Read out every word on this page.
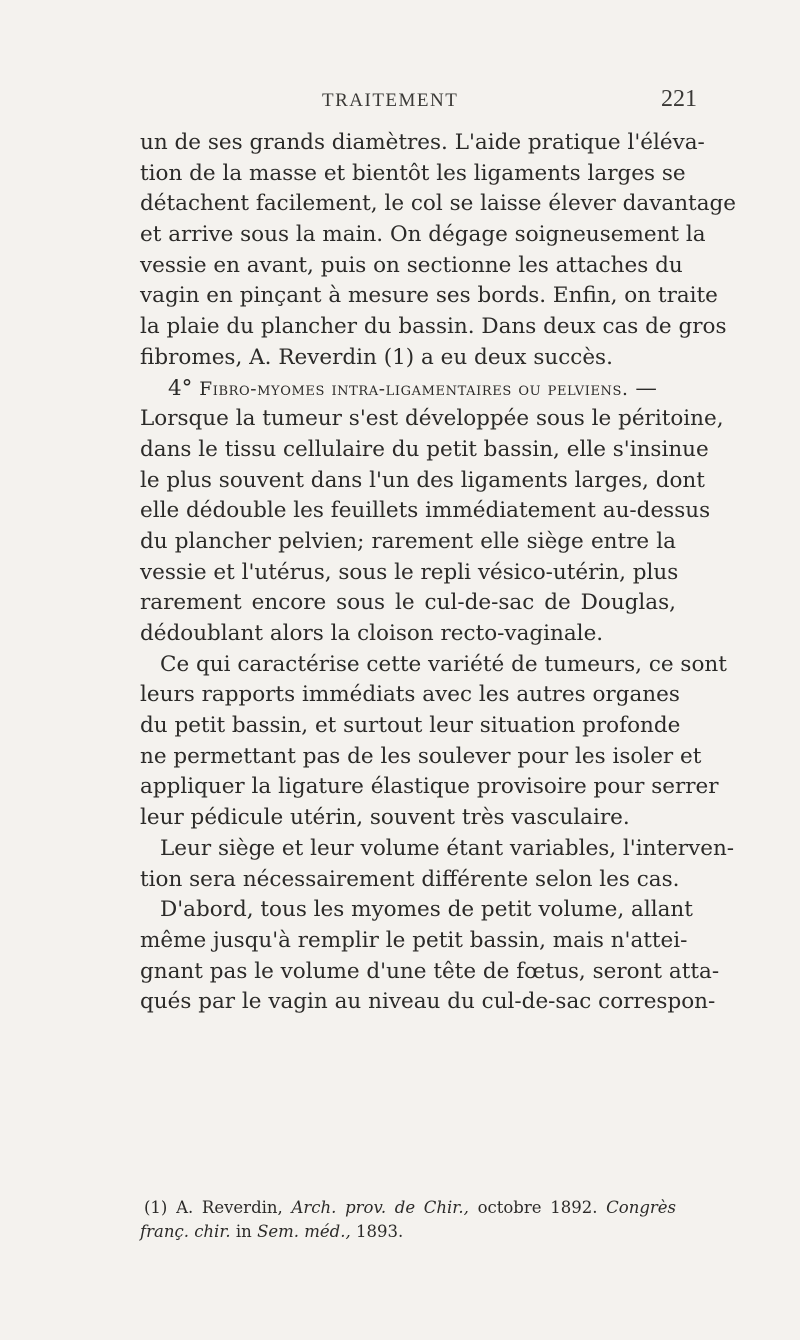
TRAITEMENT	221
un de ses grands diamètres. L'aide pratique l'éléva-
tion de la masse et bientôt les ligaments larges se
détachent facilement, le col se laisse élever davantage
et arrive sous la main. On dégage soigneusement la
vessie en avant, puis on sectionne les attaches du
vagin en pinçant à mesure ses bords. Enfin, on traite
la plaie du plancher du bassin. Dans deux cas de gros
fibromes, A. Reverdin (1) a eu deux succès.
4° Fibro-myomes intra-ligamentaires ou pelviens. —
Lorsque la tumeur s'est développée sous le péritoine,
dans le tissu cellulaire du petit bassin, elle s'insinue
le plus souvent dans l'un des ligaments larges, dont
elle dédouble les feuillets immédiatement au-dessus
du plancher pelvien; rarement elle siège entre la
vessie et l'utérus, sous le repli vésico-utérin, plus
rarement encore sous le cul-de-sac de Douglas,
dédoublant alors la cloison recto-vaginale.
Ce qui caractérise cette variété de tumeurs, ce sont
leurs rapports immédiats avec les autres organes
du petit bassin, et surtout leur situation profonde
ne permettant pas de les soulever pour les isoler et
appliquer la ligature élastique provisoire pour serrer
leur pédicule utérin, souvent très vasculaire.
Leur siège et leur volume étant variables, l'interven-
tion sera nécessairement différente selon les cas.
D'abord, tous les myomes de petit volume, allant
même jusqu'à remplir le petit bassin, mais n'attei-
gnant pas le volume d'une tête de fœtus, seront atta-
qués par le vagin au niveau du cul-de-sac correspon-
(1) A. Reverdin, Arch. prov. de Chir., octobre 1892. Congrès
franç. chir. in Sem. méd., 1893.
